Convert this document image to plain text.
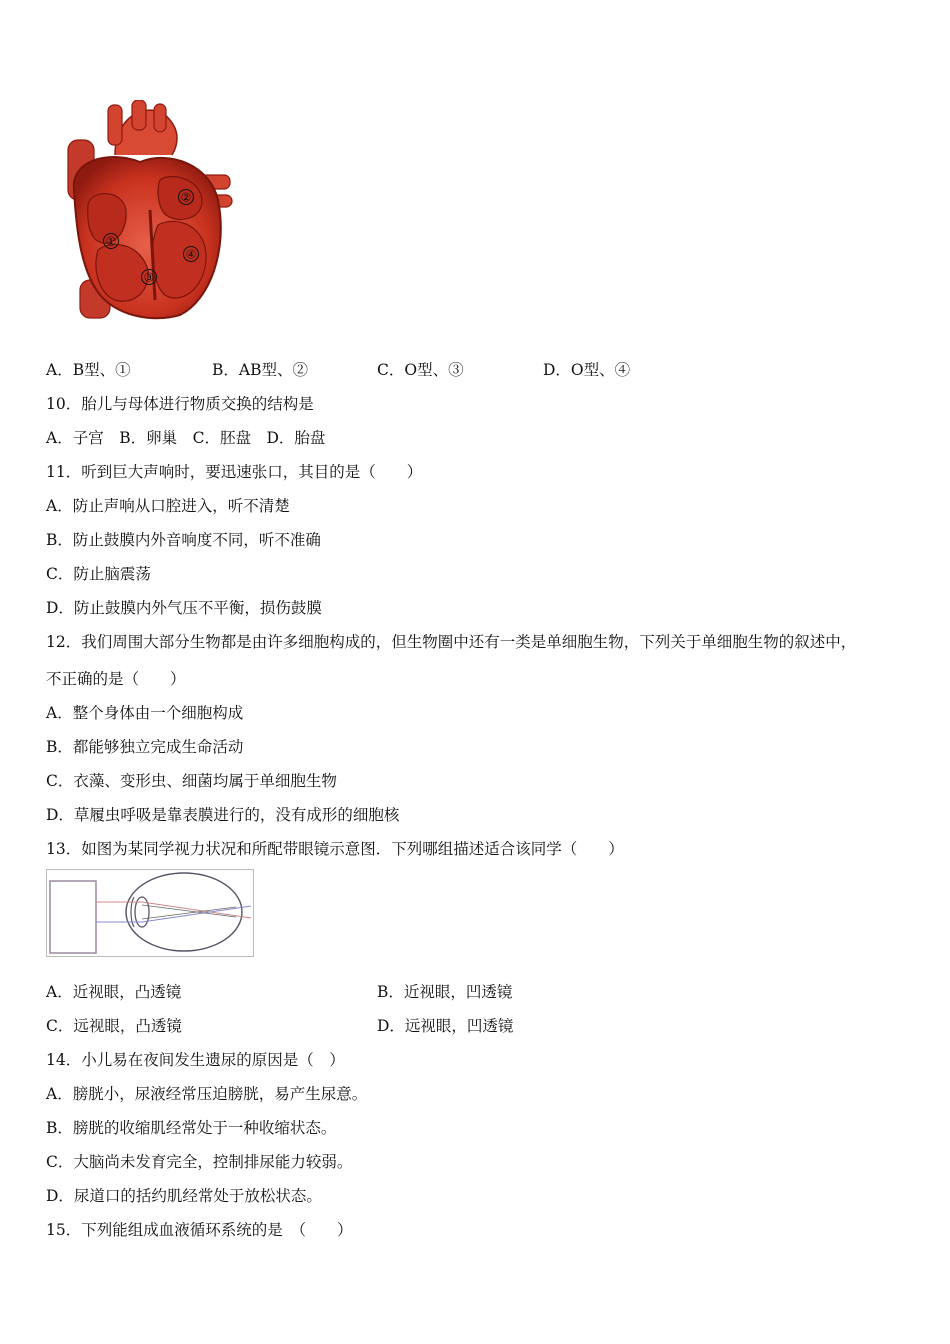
①
②
③
④
A．B型、①	B．AB型、②	C．O型、③	D．O型、④
10．胎儿与母体进行物质交换的结构是
A．子宫　B．卵巢　C．胚盘　D．胎盘
11．听到巨大声响时，要迅速张口，其目的是（　　）
A．防止声响从口腔进入，听不清楚
B．防止鼓膜内外音响度不同，听不准确
C．防止脑震荡
D．防止鼓膜内外气压不平衡，损伤鼓膜
12．我们周围大部分生物都是由许多细胞构成的，但生物圈中还有一类是单细胞生物，下列关于单细胞生物的叙述中，
不正确的是（　　）
A．整个身体由一个细胞构成
B．都能够独立完成生命活动
C．衣藻、变形虫、细菌均属于单细胞生物
D．草履虫呼吸是靠表膜进行的，没有成形的细胞核
13．如图为某同学视力状况和所配带眼镜示意图．下列哪组描述适合该同学（　　）
A．近视眼，凸透镜	B．近视眼，凹透镜
C．远视眼，凸透镜	D．远视眼，凹透镜
14．小儿易在夜间发生遗尿的原因是（　）
A．膀胱小，尿液经常压迫膀胱，易产生尿意。
B．膀胱的收缩肌经常处于一种收缩状态。
C．大脑尚未发育完全，控制排尿能力较弱。
D．尿道口的括约肌经常处于放松状态。
15．下列能组成血液循环系统的是　（　　）
